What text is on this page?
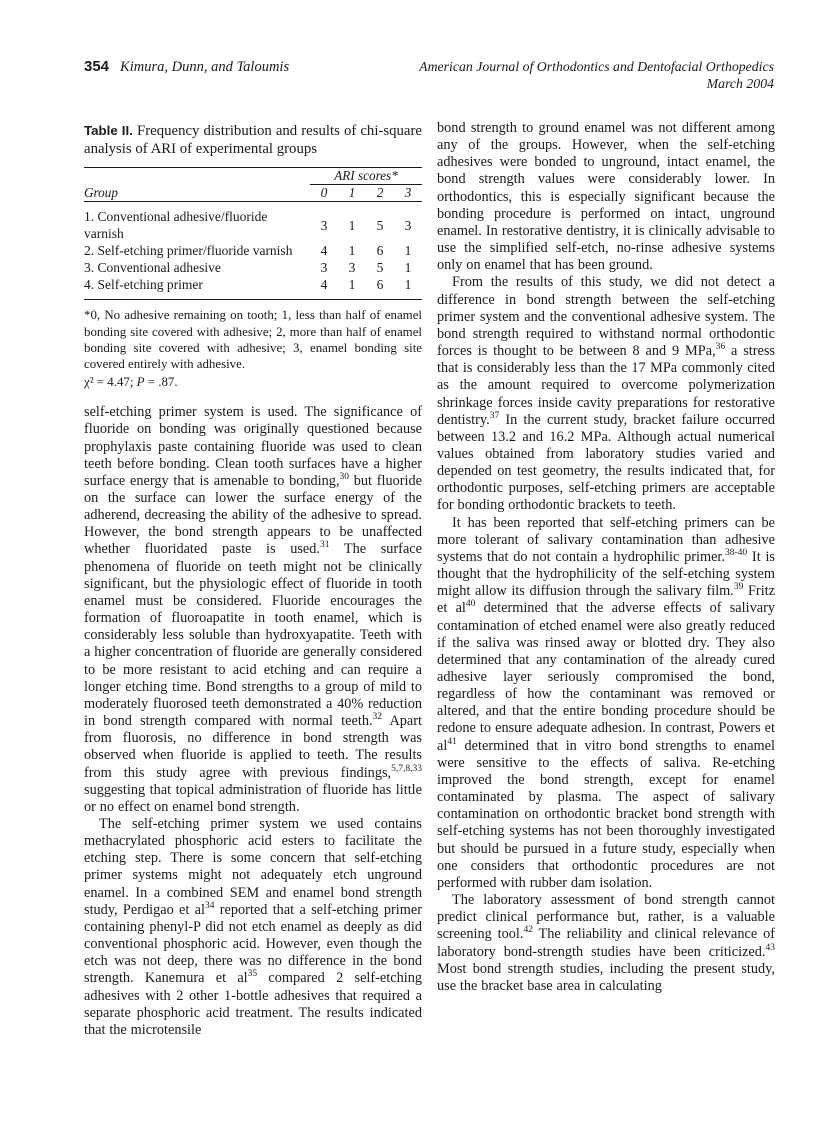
354 Kimura, Dunn, and Taloumis	American Journal of Orthodontics and Dentofacial Orthopedics
March 2004
Table II. Frequency distribution and results of chi-square analysis of ARI of experimental groups
	ARI scores*			
Group	0	1	2	3
1. Conventional adhesive/fluoride varnish	3	1	5	3
2. Self-etching primer/fluoride varnish	4	1	6	1
3. Conventional adhesive	3	3	5	1
4. Self-etching primer	4	1	6	1
*0, No adhesive remaining on tooth; 1, less than half of enamel bonding site covered with adhesive; 2, more than half of enamel bonding site covered with adhesive; 3, enamel bonding site covered entirely with adhesive.
χ² = 4.47; P = .87.
self-etching primer system is used. The significance of fluoride on bonding was originally questioned because prophylaxis paste containing fluoride was used to clean teeth before bonding. Clean tooth surfaces have a higher surface energy that is amenable to bonding,$^{30}$ but fluoride on the surface can lower the surface energy of the adherend, decreasing the ability of the adhesive to spread. However, the bond strength appears to be unaffected whether fluoridated paste is used.$^{31}$ The surface phenomena of fluoride on teeth might not be clinically significant, but the physiologic effect of fluoride in tooth enamel must be considered. Fluoride encourages the formation of fluoroapatite in tooth enamel, which is considerably less soluble than hydroxyapatite. Teeth with a higher concentration of fluoride are generally considered to be more resistant to acid etching and can require a longer etching time. Bond strengths to a group of mild to moderately fluorosed teeth demonstrated a 40% reduction in bond strength compared with normal teeth.$^{32}$ Apart from fluorosis, no difference in bond strength was observed when fluoride is applied to teeth. The results from this study agree with previous findings,$^{5,7,8,33}$ suggesting that topical administration of fluoride has little or no effect on enamel bond strength.
The self-etching primer system we used contains methacrylated phosphoric acid esters to facilitate the etching step. There is some concern that self-etching primer systems might not adequately etch unground enamel. In a combined SEM and enamel bond strength study, Perdigao et $al^{34}$ reported that a self-etching primer containing phenyl-P did not etch enamel as deeply as did conventional phosphoric acid. However, even though the etch was not deep, there was no difference in the bond strength. Kanemura et $al^{35}$ compared 2 self-etching adhesives with 2 other 1-bottle adhesives that required a separate phosphoric acid treatment. The results indicated that the microtensile
bond strength to ground enamel was not different among any of the groups. However, when the self-etching adhesives were bonded to unground, intact enamel, the bond strength values were considerably lower. In orthodontics, this is especially significant because the bonding procedure is performed on intact, unground enamel. In restorative dentistry, it is clinically advisable to use the simplified self-etch, no-rinse adhesive systems only on enamel that has been ground.
From the results of this study, we did not detect a difference in bond strength between the self-etching primer system and the conventional adhesive system. The bond strength required to withstand normal orthodontic forces is thought to be between 8 and 9 MPa,$^{36}$ a stress that is considerably less than the 17 MPa commonly cited as the amount required to overcome polymerization shrinkage forces inside cavity preparations for restorative dentistry.$^{37}$ In the current study, bracket failure occurred between 13.2 and 16.2 MPa. Although actual numerical values obtained from laboratory studies varied and depended on test geometry, the results indicated that, for orthodontic purposes, self-etching primers are acceptable for bonding orthodontic brackets to teeth.
It has been reported that self-etching primers can be more tolerant of salivary contamination than adhesive systems that do not contain a hydrophilic primer.$^{38-40}$ It is thought that the hydrophilicity of the self-etching system might allow its diffusion through the salivary film.$^{39}$ Fritz et $al^{40}$ determined that the adverse effects of salivary contamination of etched enamel were also greatly reduced if the saliva was rinsed away or blotted dry. They also determined that any contamination of the already cured adhesive layer seriously compromised the bond, regardless of how the contaminant was removed or altered, and that the entire bonding procedure should be redone to ensure adequate adhesion. In contrast, Powers et $al^{41}$ determined that in vitro bond strengths to enamel were sensitive to the effects of saliva. Re-etching improved the bond strength, except for enamel contaminated by plasma. The aspect of salivary contamination on orthodontic bracket bond strength with self-etching systems has not been thoroughly investigated but should be pursued in a future study, especially when one considers that orthodontic procedures are not performed with rubber dam isolation.
The laboratory assessment of bond strength cannot predict clinical performance but, rather, is a valuable screening tool.$^{42}$ The reliability and clinical relevance of laboratory bond-strength studies have been criticized.$^{43}$ Most bond strength studies, including the present study, use the bracket base area in calculating
